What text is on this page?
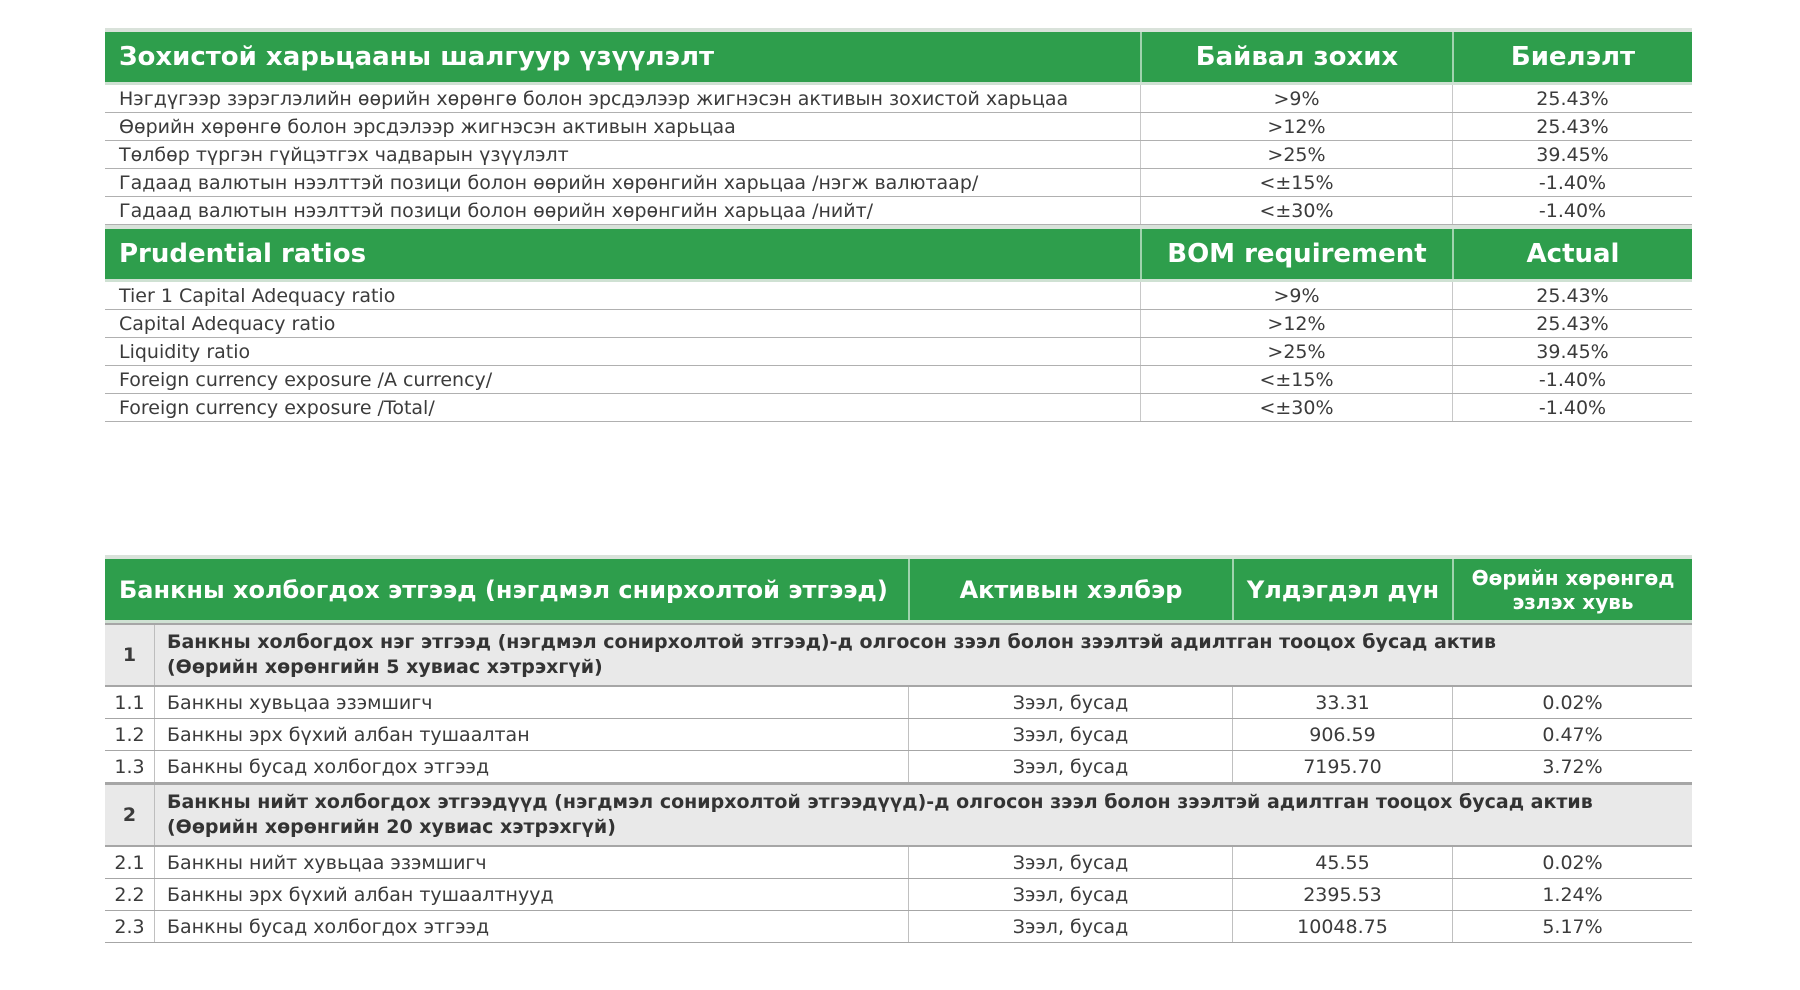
Зохистой харьцааны шалгуур үзүүлэлт	Байвал зохих	Биелэлт
Нэгдүгээр зэрэглэлийн өөрийн хөрөнгө болон эрсдэлээр жигнэсэн активын зохистой харьцаа	>9%	25.43%
Өөрийн хөрөнгө болон эрсдэлээр жигнэсэн активын харьцаа	>12%	25.43%
Төлбөр түргэн гүйцэтгэх чадварын үзүүлэлт	>25%	39.45%
Гадаад валютын нээлттэй позици болон өөрийн хөрөнгийн харьцаа /нэгж валютаар/	<±15%	-1.40%
Гадаад валютын нээлттэй позици болон өөрийн хөрөнгийн харьцаа /нийт/	<±30%	-1.40%
Prudential ratios	BOM requirement	Actual
Tier 1 Capital Adequacy ratio	>9%	25.43%
Capital Adequacy ratio	>12%	25.43%
Liquidity ratio	>25%	39.45%
Foreign currency exposure /A currency/	<±15%	-1.40%
Foreign currency exposure /Total/	<±30%	-1.40%
Банкны холбогдох этгээд (нэгдмэл снирхолтой этгээд)	Активын хэлбэр	Үлдэгдэл дүн	Өөрийн хөрөнгөд эзлэх хувь
1
Банкны холбогдох нэг этгээд (нэгдмэл сонирхолтой этгээд)-д олгосон зээл болон зээлтэй адилтган тооцох бусад актив
(Өөрийн хөрөнгийн 5 хувиас хэтрэхгүй)
1.1	Банкны хувьцаа эзэмшигч	Зээл, бусад	33.31	0.02%
1.2	Банкны эрх бүхий албан тушаалтан	Зээл, бусад	906.59	0.47%
1.3	Банкны бусад холбогдох этгээд	Зээл, бусад	7195.70	3.72%
2
Банкны нийт холбогдох этгээдүүд (нэгдмэл сонирхолтой этгээдүүд)-д олгосон зээл болон зээлтэй адилтган тооцох бусад актив
(Өөрийн хөрөнгийн 20 хувиас хэтрэхгүй)
2.1	Банкны нийт хувьцаа эзэмшигч	Зээл, бусад	45.55	0.02%
2.2	Банкны эрх бүхий албан тушаалтнууд	Зээл, бусад	2395.53	1.24%
2.3	Банкны бусад холбогдох этгээд	Зээл, бусад	10048.75	5.17%
